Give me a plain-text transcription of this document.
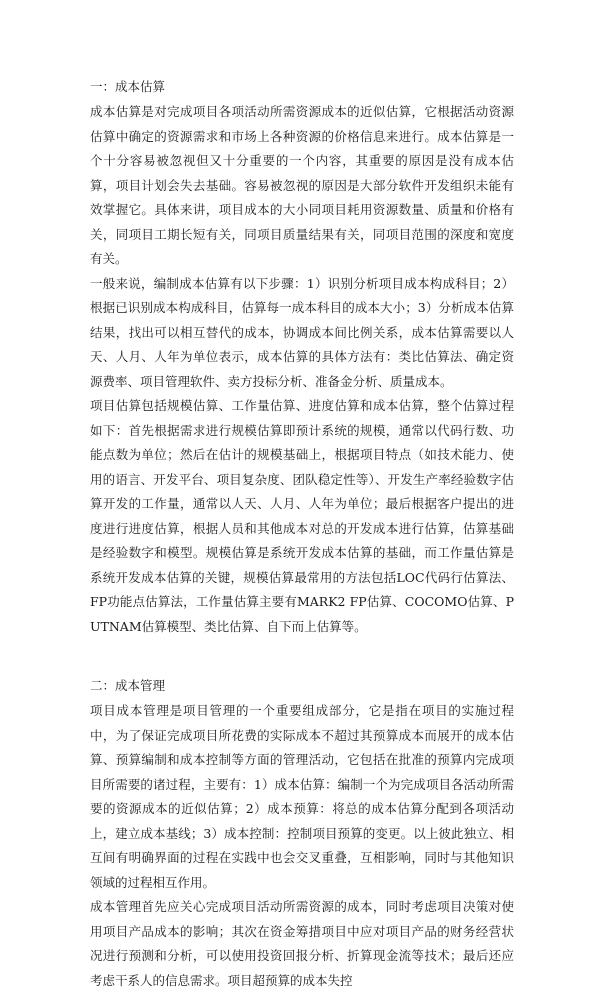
一：成本估算

成本估算是对完成项目各项活动所需资源成本的近似估算，它根据活动资源估算中确定的资源需求和市场上各种资源的价格信息来进行。成本估算是一个十分容易被忽视但又十分重要的一个内容，其重要的原因是没有成本估算，项目计划会失去基础。容易被忽视的原因是大部分软件开发组织未能有效掌握它。具体来讲，项目成本的大小同项目耗用资源数量、质量和价格有关，同项目工期长短有关，同项目质量结果有关，同项目范围的深度和宽度有关。

一般来说，编制成本估算有以下步骤：1）识别分析项目成本构成科目；2）根据已识别成本构成科目，估算每一成本科目的成本大小；3）分析成本估算结果，找出可以相互替代的成本，协调成本间比例关系，成本估算需要以人天、人月、人年为单位表示，成本估算的具体方法有：类比估算法、确定资源费率、项目管理软件、卖方投标分析、准备金分析、质量成本。

项目估算包括规模估算、工作量估算、进度估算和成本估算，整个估算过程如下：首先根据需求进行规模估算即预计系统的规模，通常以代码行数、功能点数为单位；然后在估计的规模基础上，根据项目特点（如技术能力、使用的语言、开发平台、项目复杂度、团队稳定性等）、开发生产率经验数字估算开发的工作量，通常以人天、人月、人年为单位；最后根据客户提出的进度进行进度估算，根据人员和其他成本对总的开发成本进行估算，估算基础是经验数字和模型。规模估算是系统开发成本估算的基础，而工作量估算是系统开发成本估算的关键，规模估算最常用的方法包括LOC代码行估算法、FP功能点估算法，工作量估算主要有MARK2 FP估算、COCOMO估算、PUTNAM估算模型、类比估算、自下而上估算等。

二：成本管理

项目成本管理是项目管理的一个重要组成部分，它是指在项目的实施过程中，为了保证完成项目所花费的实际成本不超过其预算成本而展开的成本估算、预算编制和成本控制等方面的管理活动，它包括在批准的预算内完成项目所需要的诸过程，主要有：1）成本估算：编制一个为完成项目各活动所需要的资源成本的近似估算；2）成本预算：将总的成本估算分配到各项活动上，建立成本基线；3）成本控制：控制项目预算的变更。以上彼此独立、相互间有明确界面的过程在实践中也会交叉重叠，互相影响，同时与其他知识领域的过程相互作用。

成本管理首先应关心完成项目活动所需资源的成本，同时考虑项目决策对使用项目产品成本的影响；其次在资金筹措项目中应对项目产品的财务经营状况进行预测和分析，可以使用投资回报分析、折算现金流等技术；最后还应考虑干系人的信息需求。项目超预算的成本失控
